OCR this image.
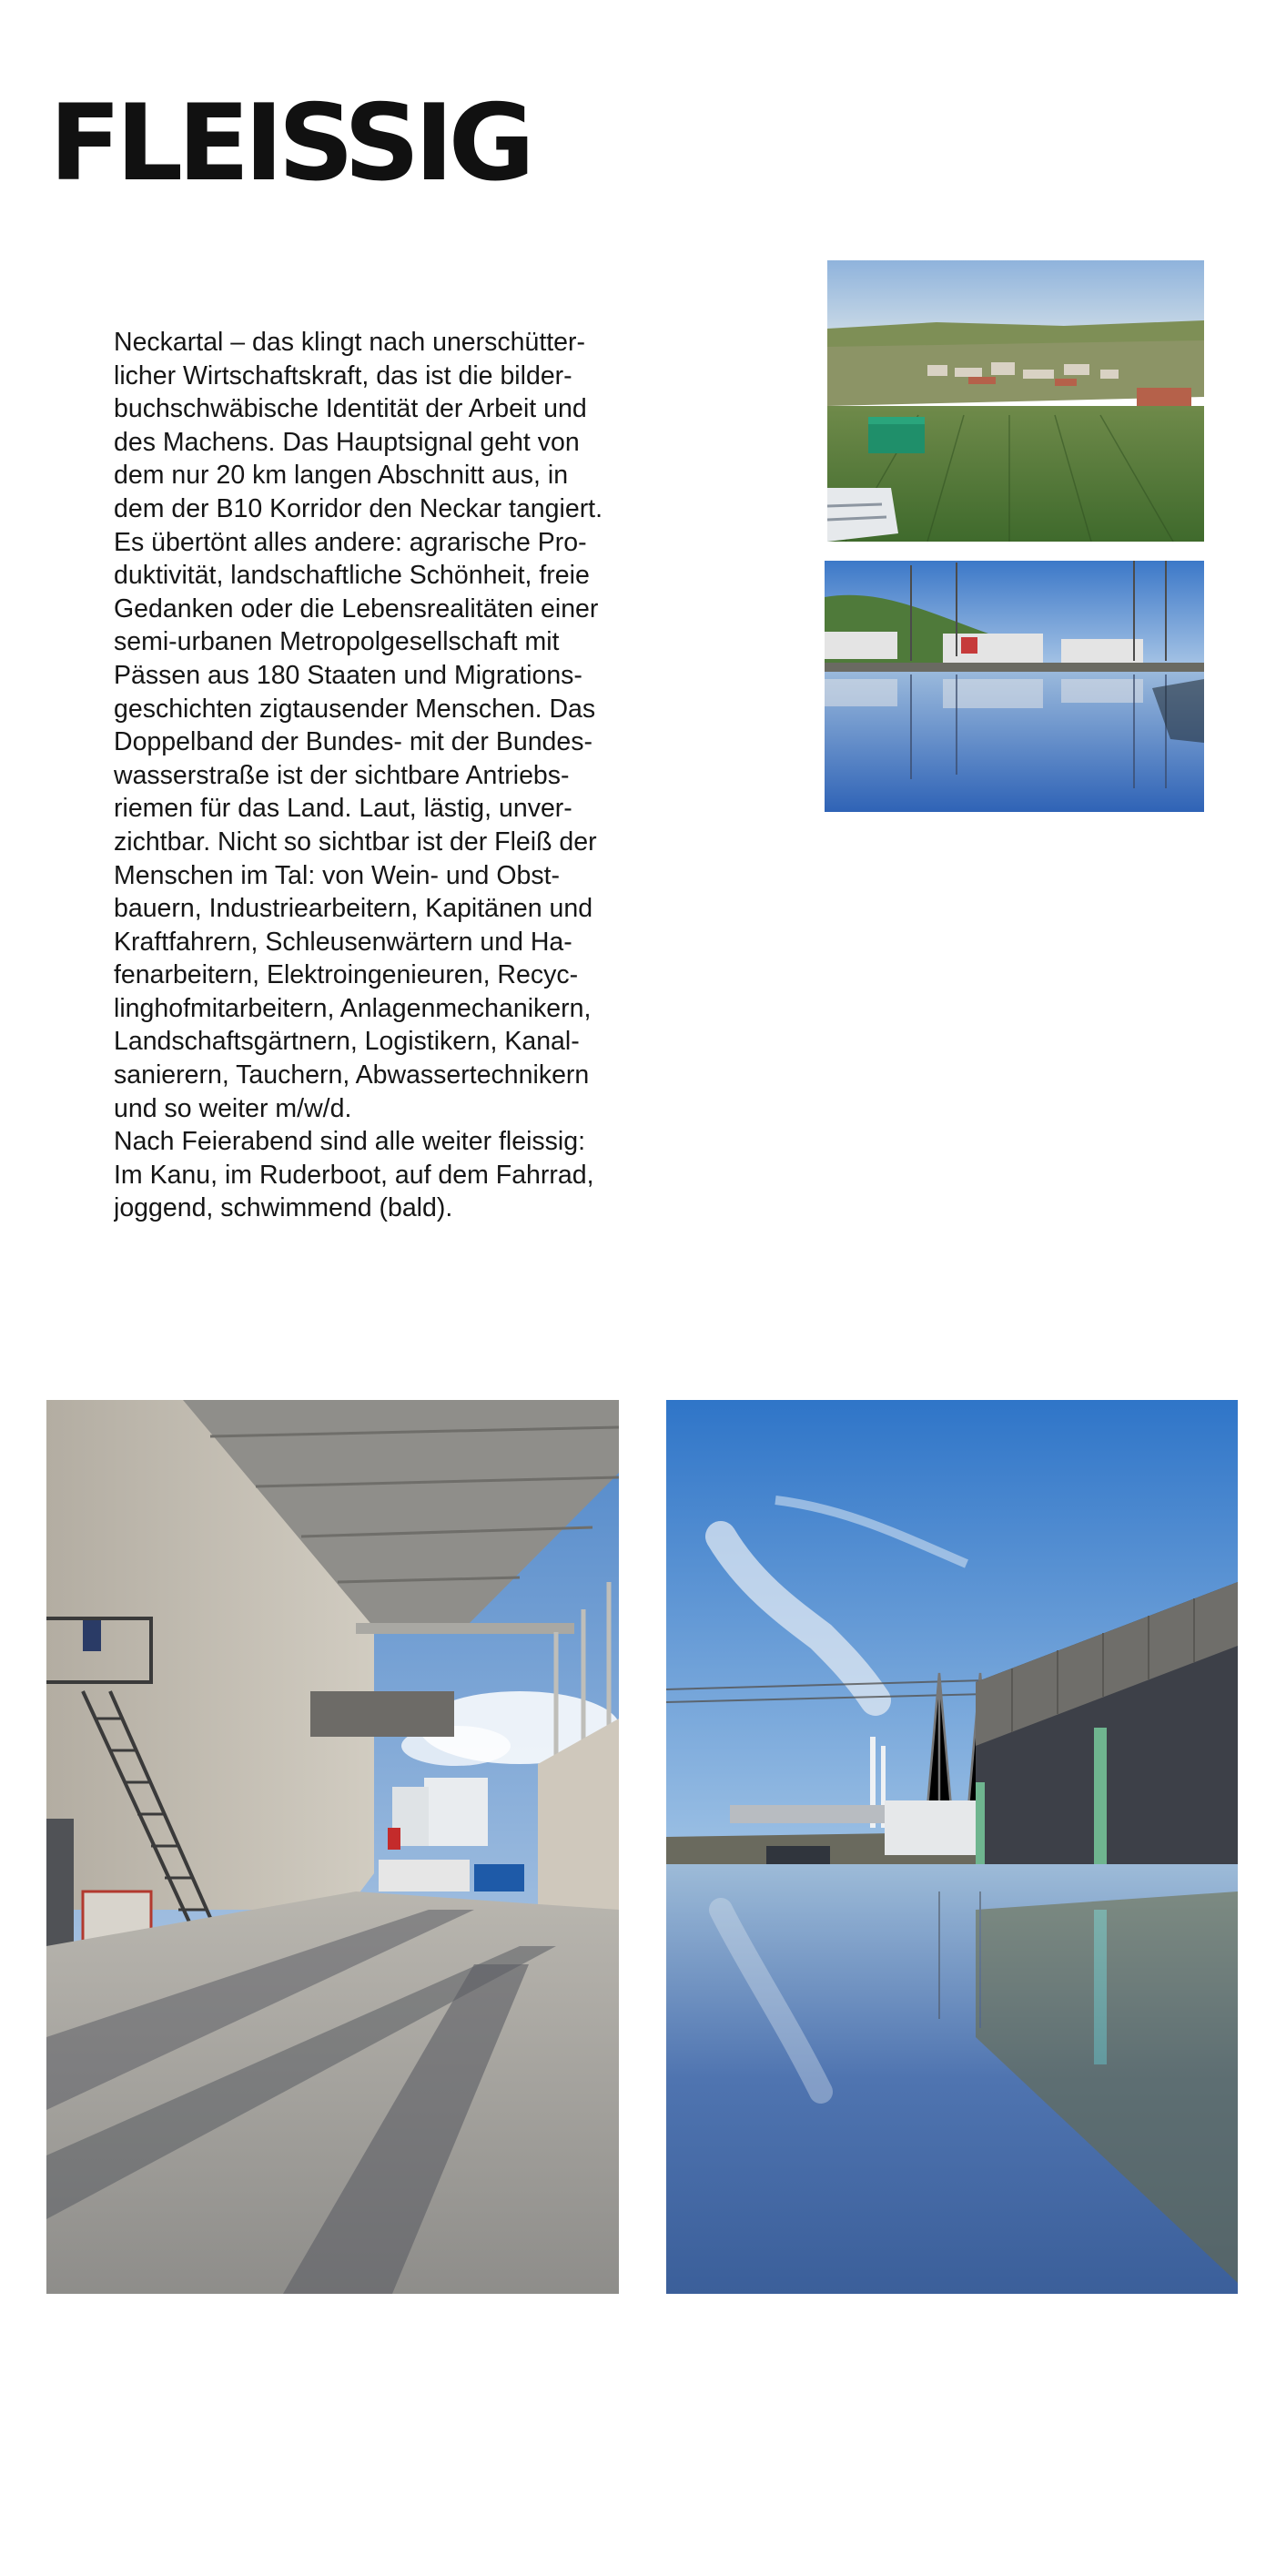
FLEISSIG
Neckartal – das klingt nach unerschütter-
licher Wirtschaftskraft, das ist die bilder-
buchschwäbische Identität der Arbeit und
des Machens. Das Hauptsignal geht von
dem nur 20 km langen Abschnitt aus, in
dem der B10 Korridor den Neckar tangiert.
Es übertönt alles andere: agrarische Pro-
duktivität, landschaftliche Schönheit, freie
Gedanken oder die Lebensrealitäten einer
semi-urbanen Metropolgesellschaft mit
Pässen aus 180 Staaten und Migrations-
geschichten zigtausender Menschen. Das
Doppelband der Bundes- mit der Bundes-
wasserstraße ist der sichtbare Antriebs-
riemen für das Land. Laut, lästig, unver-
zichtbar. Nicht so sichtbar ist der Fleiß der
Menschen im Tal: von Wein- und Obst-
bauern, Industriearbeitern, Kapitänen und
Kraftfahrern, Schleusenwärtern und Ha-
fenarbeitern, Elektroingenieuren, Recyc-
linghofmitarbeitern, Anlagenmechanikern,
Landschaftsgärtnern, Logistikern, Kanal-
sanierern, Tauchern, Abwassertechnikern
und so weiter m/w/d.
Nach Feierabend sind alle weiter fleissig:
Im Kanu, im Ruderboot, auf dem Fahrrad,
joggend, schwimmend (bald).
